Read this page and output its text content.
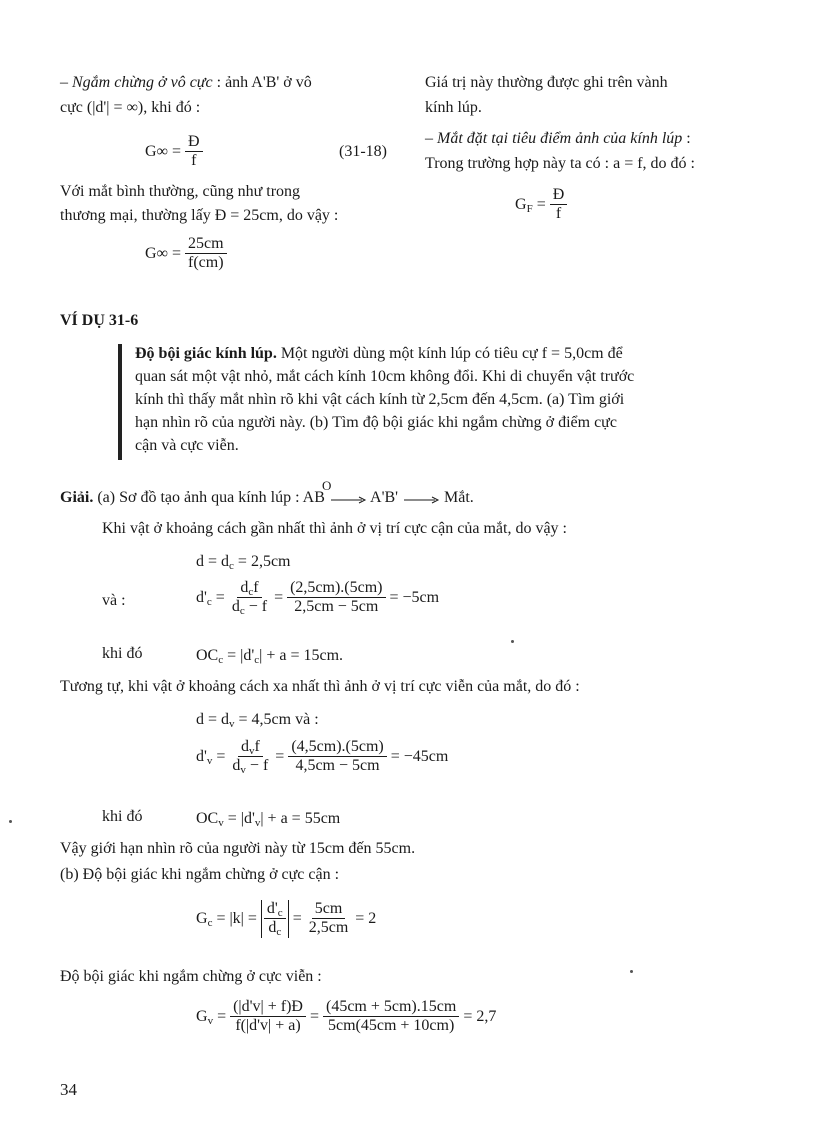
– Ngắm chừng ở vô cực : ảnh A'B' ở vô
cực (|d'| = ∞), khi đó :
$G\infty = \frac{Đ}{f}$	(31-18)
Với mắt bình thường, cũng như trong
thương mại, thường lấy Đ = 25cm, do vậy :
$G\infty = \frac{25cm}{f(cm)}$
Giá trị này thường được ghi trên vành
kính lúp.
– Mắt đặt tại tiêu điểm ảnh của kính lúp :
Trong trường hợp này ta có : a = f, do đó :
$G_F = \frac{Đ}{f}$
VÍ DỤ 31-6
Độ bội giác kính lúp. Một người dùng một kính lúp có tiêu cự f = 5,0cm để
quan sát một vật nhỏ, mắt cách kính 10cm không đổi. Khi di chuyển vật trước
kính thì thấy mắt nhìn rõ khi vật cách kính từ 2,5cm đến 4,5cm. (a) Tìm giới
hạn nhìn rõ của người này. (b) Tìm độ bội giác khi ngắm chừng ở điểm cực
cận và cực viễn.
Giải. (a) Sơ đồ tạo ảnh qua kính lúp : AB	A'B'	Mắt.
O
Khi vật ở khoảng cách gần nhất thì ảnh ở vị trí cực cận của mắt, do vậy :
$d = d_c = 2,5cm$
và :	$d'_c = \frac{d_cf}{d_c - f} = \frac{(2,5cm).(5cm)}{2,5cm - 5cm} = -5cm$
khi đó	$OC_c = |d'_c| + a = 15cm$.
Tương tự, khi vật ở khoảng cách xa nhất thì ảnh ở vị trí cực viễn của mắt, do đó :
$d = d_v = 4,5cm$ và :
$d'_v = \frac{d_vf}{d_v - f} = \frac{(4,5cm).(5cm)}{4,5cm - 5cm} = -45cm$
khi đó	$OC_v = |d'_v| + a = 55cm$
Vậy giới hạn nhìn rõ của người này từ 15cm đến 55cm.
(b) Độ bội giác khi ngắm chừng ở cực cận :
$G_c = |k| = \frac{d'_c}{d_c} = \frac{5cm}{2,5cm} = 2$
Độ bội giác khi ngắm chừng ở cực viễn :
$G_v = \frac{(|d'v| + f)Đ}{f(|d'v| + a)} = \frac{(45cm + 5cm).15cm}{5cm(45cm + 10cm)} = 2,7$
34
